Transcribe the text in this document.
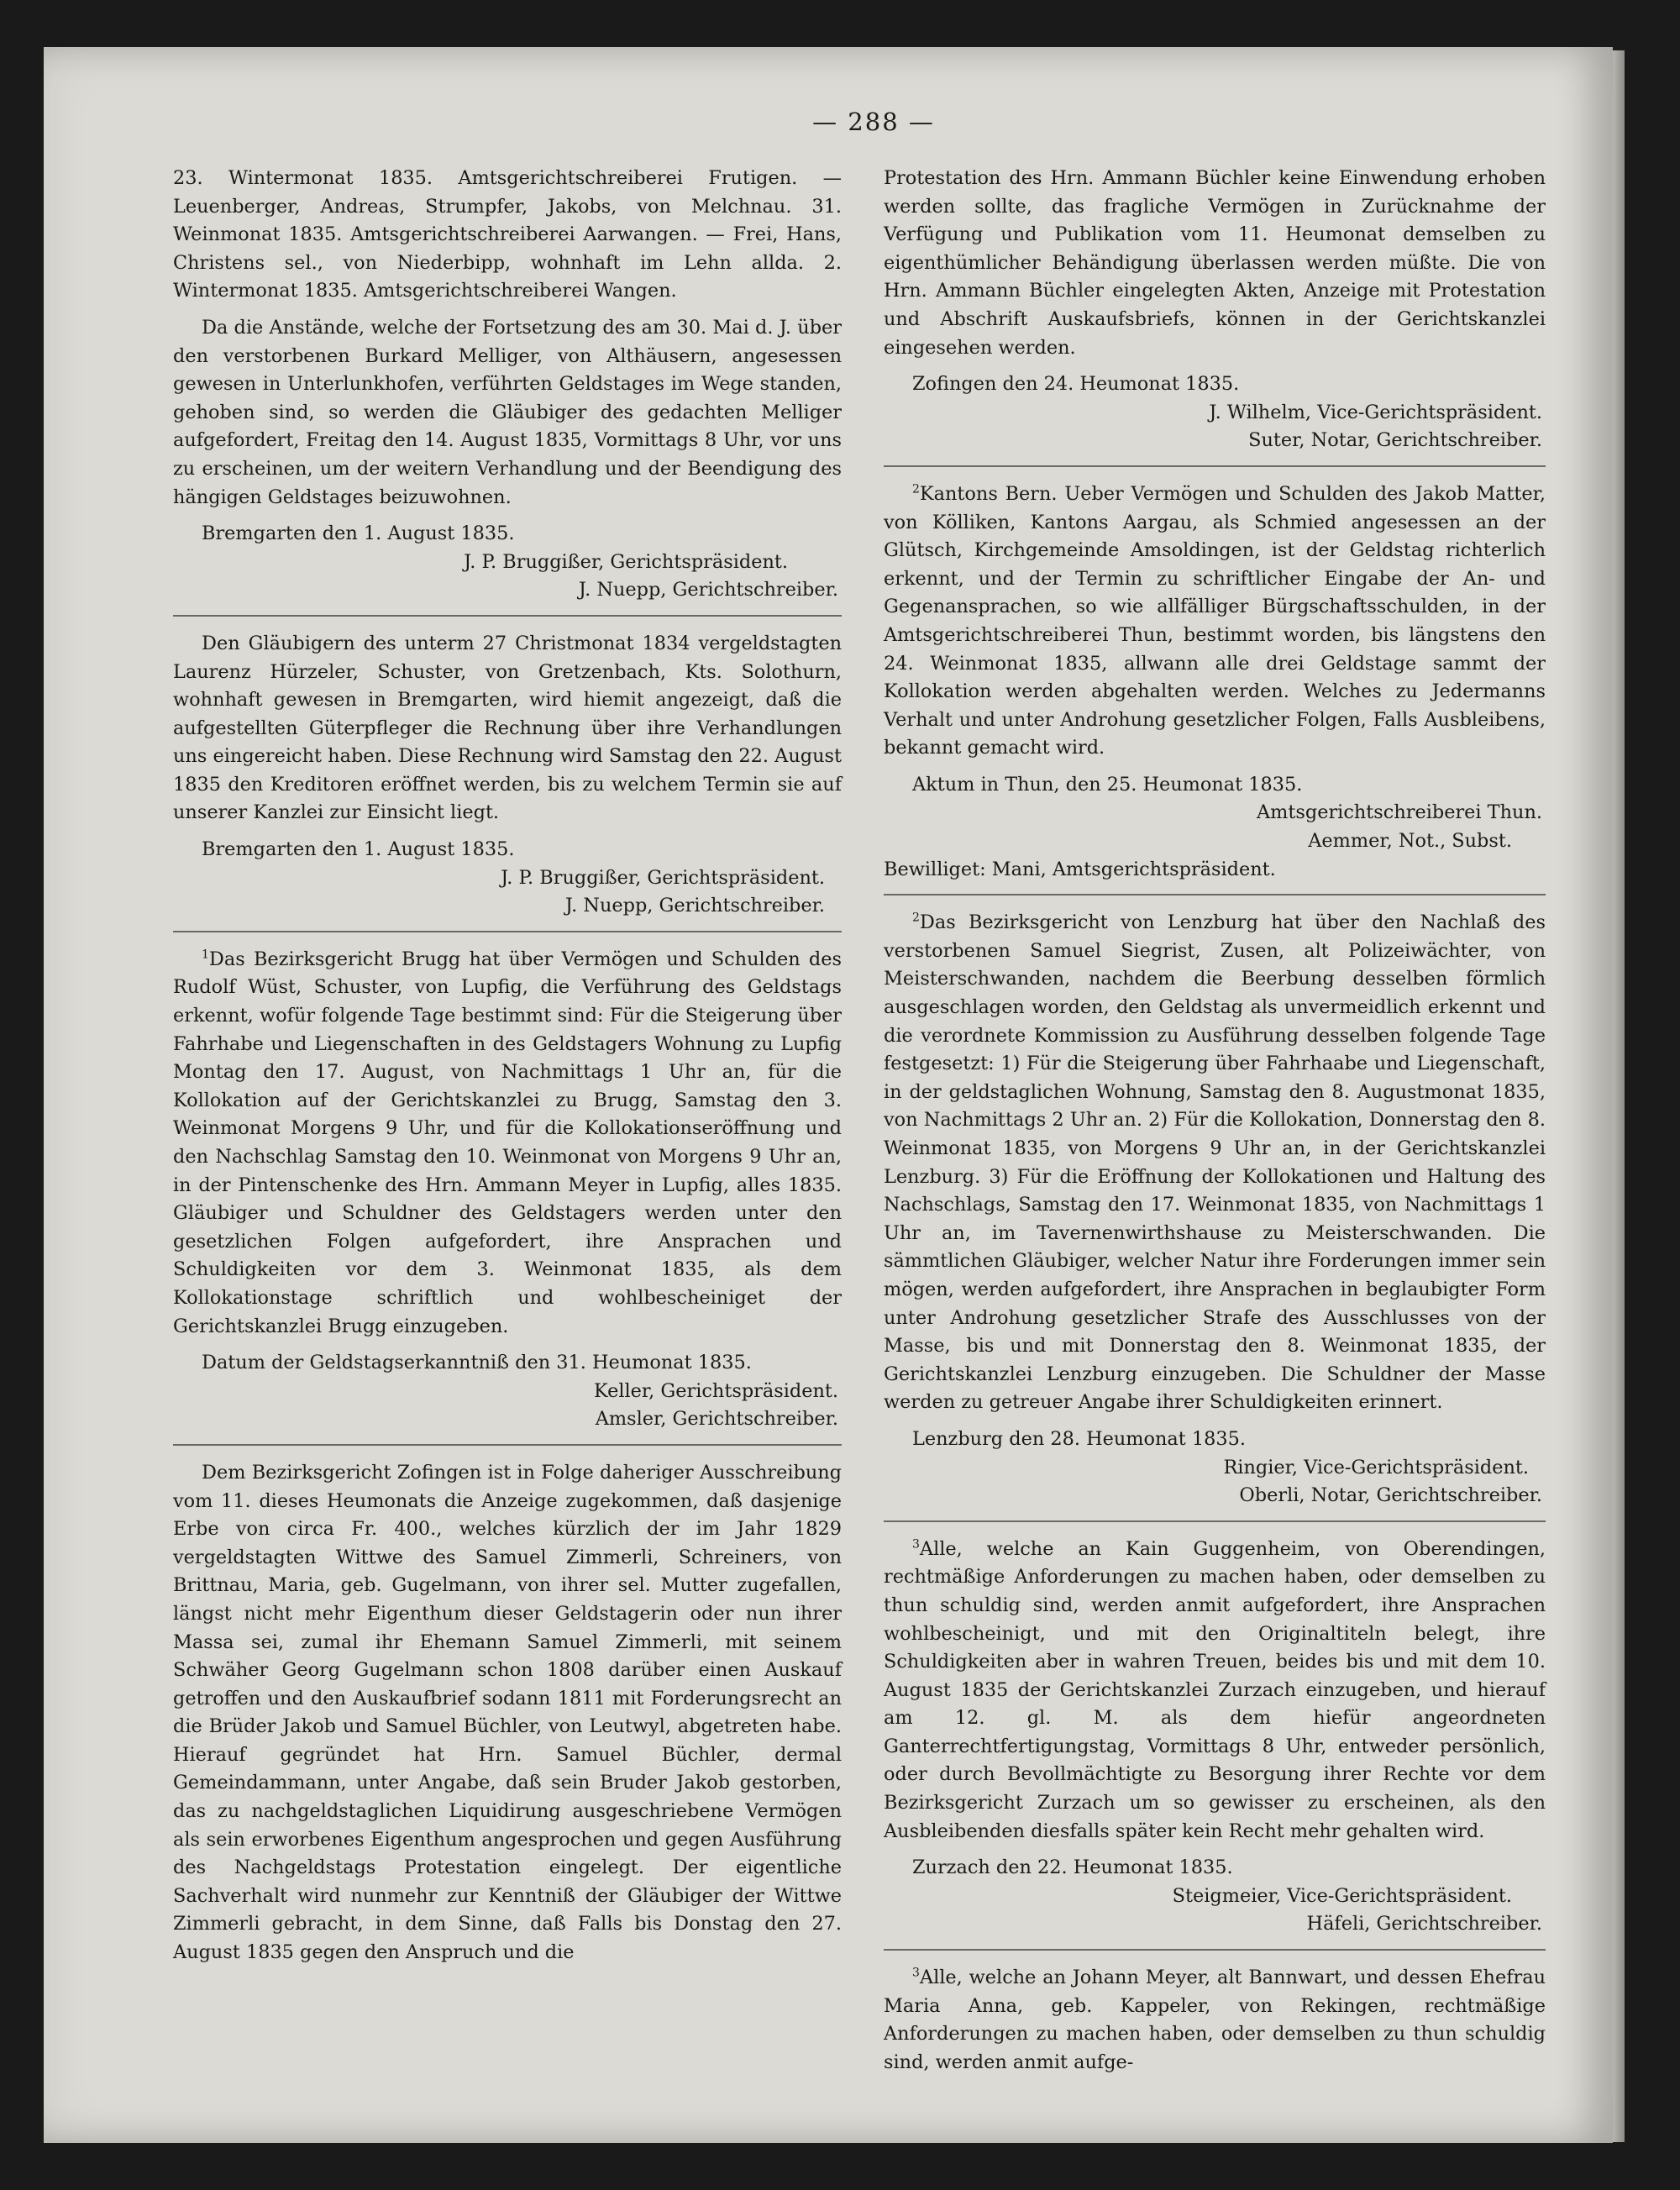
— 288 —

23. Wintermonat 1835. Amtsgerichtschreiberei Frutigen. — Leuenberger, Andreas, Strumpfer, Jakobs, von Melchnau. 31. Weinmonat 1835. Amtsgerichtschreiberei Aarwangen. — Frei, Hans, Christens sel., von Niederbipp, wohnhaft im Lehn allda. 2. Wintermonat 1835. Amtsgerichtschreiberei Wangen.

Da die Anstände, welche der Fortsetzung des am 30. Mai d. J. über den verstorbenen Burkard Melliger, von Althäusern, angesessen gewesen in Unterlunkhofen, verführten Geldstages im Wege standen, gehoben sind, so werden die Gläubiger des gedachten Melliger aufgefordert, Freitag den 14. August 1835, Vormittags 8 Uhr, vor uns zu erscheinen, um der weitern Verhandlung und der Beendigung des hängigen Geldstages beizuwohnen.

Bremgarten den 1. August 1835.

J. P. Bruggißer, Gerichtspräsident.

J. Nuepp, Gerichtschreiber.

Den Gläubigern des unterm 27 Christmonat 1834 vergeldstagten Laurenz Hürzeler, Schuster, von Gretzenbach, Kts. Solothurn, wohnhaft gewesen in Bremgarten, wird hiemit angezeigt, daß die aufgestellten Güterpfleger die Rechnung über ihre Verhandlungen uns eingereicht haben. Diese Rechnung wird Samstag den 22. August 1835 den Kreditoren eröffnet werden, bis zu welchem Termin sie auf unserer Kanzlei zur Einsicht liegt.

Bremgarten den 1. August 1835.

J. P. Bruggißer, Gerichtspräsident.

J. Nuepp, Gerichtschreiber.

$^1$Das Bezirksgericht Brugg hat über Vermögen und Schulden des Rudolf Wüst, Schuster, von Lupfig, die Verführung des Geldstags erkennt, wofür folgende Tage bestimmt sind: Für die Steigerung über Fahrhabe und Liegenschaften in des Geldstagers Wohnung zu Lupfig Montag den 17. August, von Nachmittags 1 Uhr an, für die Kollokation auf der Gerichtskanzlei zu Brugg, Samstag den 3. Weinmonat Morgens 9 Uhr, und für die Kollokationseröffnung und den Nachschlag Samstag den 10. Weinmonat von Morgens 9 Uhr an, in der Pintenschenke des Hrn. Ammann Meyer in Lupfig, alles 1835. Gläubiger und Schuldner des Geldstagers werden unter den gesetzlichen Folgen aufgefordert, ihre Ansprachen und Schuldigkeiten vor dem 3. Weinmonat 1835, als dem Kollokationstage schriftlich und wohlbescheiniget der Gerichtskanzlei Brugg einzugeben.

Datum der Geldstagserkanntniß den 31. Heumonat 1835.

Keller, Gerichtspräsident.

Amsler, Gerichtschreiber.

Dem Bezirksgericht Zofingen ist in Folge daheriger Ausschreibung vom 11. dieses Heumonats die Anzeige zugekommen, daß dasjenige Erbe von circa Fr. 400., welches kürzlich der im Jahr 1829 vergeldstagten Wittwe des Samuel Zimmerli, Schreiners, von Brittnau, Maria, geb. Gugelmann, von ihrer sel. Mutter zugefallen, längst nicht mehr Eigenthum dieser Geldstagerin oder nun ihrer Massa sei, zumal ihr Ehemann Samuel Zimmerli, mit seinem Schwäher Georg Gugelmann schon 1808 darüber einen Auskauf getroffen und den Auskaufbrief sodann 1811 mit Forderungsrecht an die Brüder Jakob und Samuel Büchler, von Leutwyl, abgetreten habe. Hierauf gegründet hat Hrn. Samuel Büchler, dermal Gemeindammann, unter Angabe, daß sein Bruder Jakob gestorben, das zu nachgeldstaglichen Liquidirung ausgeschriebene Vermögen als sein erworbenes Eigenthum angesprochen und gegen Ausführung des Nachgeldstags Protestation eingelegt. Der eigentliche Sachverhalt wird nunmehr zur Kenntniß der Gläubiger der Wittwe Zimmerli gebracht, in dem Sinne, daß Falls bis Donstag den 27. August 1835 gegen den Anspruch und die

Protestation des Hrn. Ammann Büchler keine Einwendung erhoben werden sollte, das fragliche Vermögen in Zurücknahme der Verfügung und Publikation vom 11. Heumonat demselben zu eigenthümlicher Behändigung überlassen werden müßte. Die von Hrn. Ammann Büchler eingelegten Akten, Anzeige mit Protestation und Abschrift Auskaufsbriefs, können in der Gerichtskanzlei eingesehen werden.

Zofingen den 24. Heumonat 1835.

J. Wilhelm, Vice-Gerichtspräsident.

Suter, Notar, Gerichtschreiber.

$^2$Kantons Bern. Ueber Vermögen und Schulden des Jakob Matter, von Kölliken, Kantons Aargau, als Schmied angesessen an der Glütsch, Kirchgemeinde Amsoldingen, ist der Geldstag richterlich erkennt, und der Termin zu schriftlicher Eingabe der An- und Gegenansprachen, so wie allfälliger Bürgschaftsschulden, in der Amtsgerichtschreiberei Thun, bestimmt worden, bis längstens den 24. Weinmonat 1835, allwann alle drei Geldstage sammt der Kollokation werden abgehalten werden. Welches zu Jedermanns Verhalt und unter Androhung gesetzlicher Folgen, Falls Ausbleibens, bekannt gemacht wird.

Aktum in Thun, den 25. Heumonat 1835.

Amtsgerichtschreiberei Thun.

Aemmer, Not., Subst.

Bewilliget: Mani, Amtsgerichtspräsident.

$^2$Das Bezirksgericht von Lenzburg hat über den Nachlaß des verstorbenen Samuel Siegrist, Zusen, alt Polizeiwächter, von Meisterschwanden, nachdem die Beerbung desselben förmlich ausgeschlagen worden, den Geldstag als unvermeidlich erkennt und die verordnete Kommission zu Ausführung desselben folgende Tage festgesetzt: 1) Für die Steigerung über Fahrhaabe und Liegenschaft, in der geldstaglichen Wohnung, Samstag den 8. Augustmonat 1835, von Nachmittags 2 Uhr an. 2) Für die Kollokation, Donnerstag den 8. Weinmonat 1835, von Morgens 9 Uhr an, in der Gerichtskanzlei Lenzburg. 3) Für die Eröffnung der Kollokationen und Haltung des Nachschlags, Samstag den 17. Weinmonat 1835, von Nachmittags 1 Uhr an, im Tavernenwirthshause zu Meisterschwanden. Die sämmtlichen Gläubiger, welcher Natur ihre Forderungen immer sein mögen, werden aufgefordert, ihre Ansprachen in beglaubigter Form unter Androhung gesetzlicher Strafe des Ausschlusses von der Masse, bis und mit Donnerstag den 8. Weinmonat 1835, der Gerichtskanzlei Lenzburg einzugeben. Die Schuldner der Masse werden zu getreuer Angabe ihrer Schuldigkeiten erinnert.

Lenzburg den 28. Heumonat 1835.

Ringier, Vice-Gerichtspräsident.

Oberli, Notar, Gerichtschreiber.

$^3$Alle, welche an Kain Guggenheim, von Oberendingen, rechtmäßige Anforderungen zu machen haben, oder demselben zu thun schuldig sind, werden anmit aufgefordert, ihre Ansprachen wohlbescheinigt, und mit den Originaltiteln belegt, ihre Schuldigkeiten aber in wahren Treuen, beides bis und mit dem 10. August 1835 der Gerichtskanzlei Zurzach einzugeben, und hierauf am 12. gl. M. als dem hiefür angeordneten Ganterrechtfertigungstag, Vormittags 8 Uhr, entweder persönlich, oder durch Bevollmächtigte zu Besorgung ihrer Rechte vor dem Bezirksgericht Zurzach um so gewisser zu erscheinen, als den Ausbleibenden diesfalls später kein Recht mehr gehalten wird.

Zurzach den 22. Heumonat 1835.

Steigmeier, Vice-Gerichtspräsident.

Häfeli, Gerichtschreiber.

$^3$Alle, welche an Johann Meyer, alt Bannwart, und dessen Ehefrau Maria Anna, geb. Kappeler, von Rekingen, rechtmäßige Anforderungen zu machen haben, oder demselben zu thun schuldig sind, werden anmit aufge-
